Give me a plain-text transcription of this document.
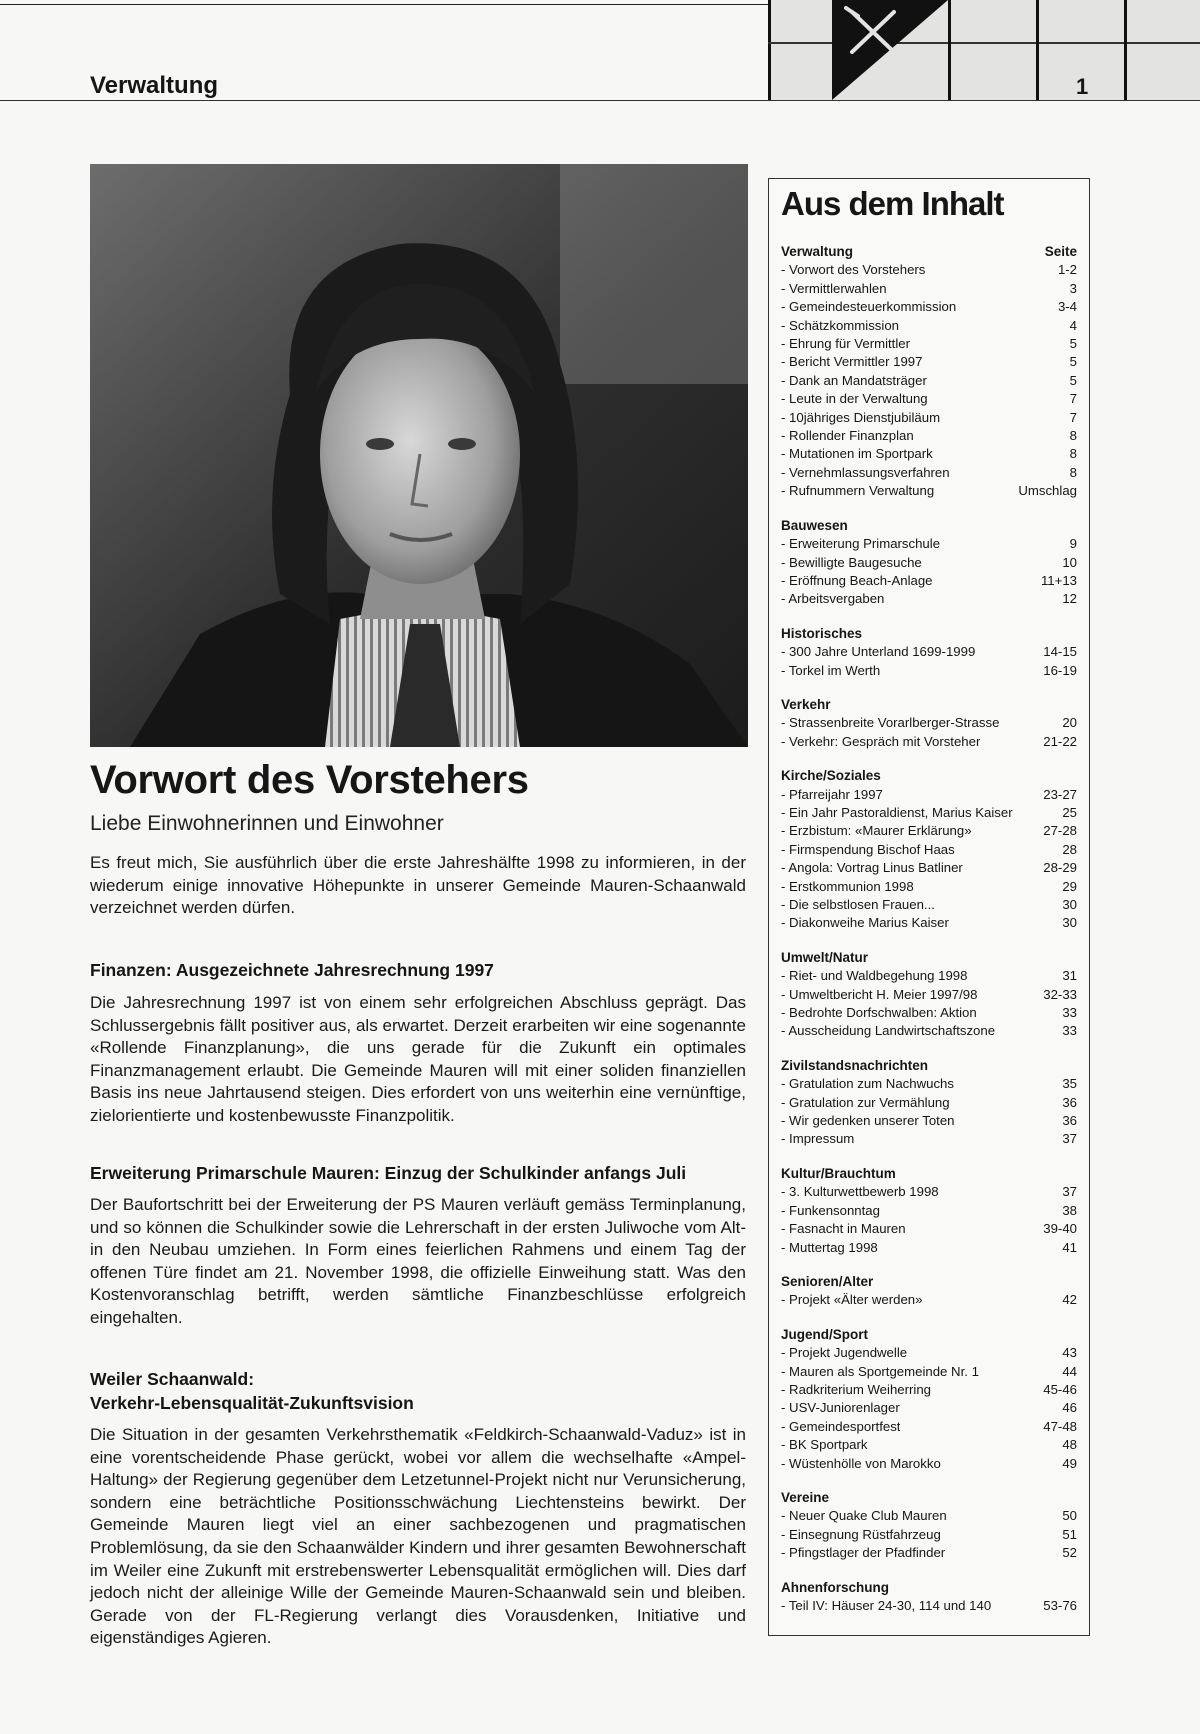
Verwaltung	1
Vorwort des Vorstehers
Liebe Einwohnerinnen und Einwohner

Es freut mich, Sie ausführlich über die erste Jahreshälfte 1998 zu informieren, in der wiederum einige innovative Höhepunkte in unserer Gemeinde Mauren-Schaanwald verzeichnet werden dürfen.

Finanzen: Ausgezeichnete Jahresrechnung 1997

Die Jahresrechnung 1997 ist von einem sehr erfolgreichen Abschluss geprägt. Das Schlussergebnis fällt positiver aus, als erwartet. Derzeit erarbeiten wir eine sogenannte «Rollende Finanzplanung», die uns gerade für die Zukunft ein optimales Finanzmanagement erlaubt. Die Gemeinde Mauren will mit einer soliden finanziellen Basis ins neue Jahrtausend steigen. Dies erfordert von uns weiterhin eine vernünftige, zielorientierte und kostenbewusste Finanzpolitik.

Erweiterung Primarschule Mauren: Einzug der Schulkinder anfangs Juli

Der Baufortschritt bei der Erweiterung der PS Mauren verläuft gemäss Terminplanung, und so können die Schulkinder sowie die Lehrerschaft in der ersten Juliwoche vom Alt- in den Neubau umziehen. In Form eines feierlichen Rahmens und einem Tag der offenen Türe findet am 21. November 1998, die offizielle Einweihung statt. Was den Kostenvoranschlag betrifft, werden sämtliche Finanzbeschlüsse erfolgreich eingehalten.

Weiler Schaanwald:
Verkehr-Lebensqualität-Zukunftsvision

Die Situation in der gesamten Verkehrsthematik «Feldkirch-Schaanwald-Vaduz» ist in eine vorentscheidende Phase gerückt, wobei vor allem die wechselhafte «Ampel-Haltung» der Regierung gegenüber dem Letzetunnel-Projekt nicht nur Verunsicherung, sondern eine beträchtliche Positionsschwächung Liechtensteins bewirkt. Der Gemeinde Mauren liegt viel an einer sachbezogenen und pragmatischen Problemlösung, da sie den Schaanwälder Kindern und ihrer gesamten Bewohnerschaft im Weiler eine Zukunft mit erstrebenswerter Lebensqualität ermöglichen will. Dies darf jedoch nicht der alleinige Wille der Gemeinde Mauren-Schaanwald sein und bleiben. Gerade von der FL-Regierung verlangt dies Vorausdenken, Initiative und eigenständiges Agieren.

Aus dem Inhalt
Verwaltung	Seite
- Vorwort des Vorstehers	1-2
- Vermittlerwahlen	3
- Gemeindesteuerkommission	3-4
- Schätzkommission	4
- Ehrung für Vermittler	5
- Bericht Vermittler 1997	5
- Dank an Mandatsträger	5
- Leute in der Verwaltung	7
- 10jähriges Dienstjubiläum	7
- Rollender Finanzplan	8
- Mutationen im Sportpark	8
- Vernehmlassungsverfahren	8
- Rufnummern Verwaltung	Umschlag
Bauwesen
- Erweiterung Primarschule	9
- Bewilligte Baugesuche	10
- Eröffnung Beach-Anlage	11+13
- Arbeitsvergaben	12
Historisches
- 300 Jahre Unterland 1699-1999	14-15
- Torkel im Werth	16-19
Verkehr
- Strassenbreite Vorarlberger-Strasse	20
- Verkehr: Gespräch mit Vorsteher	21-22
Kirche/Soziales
- Pfarreijahr 1997	23-27
- Ein Jahr Pastoraldienst, Marius Kaiser	25
- Erzbistum: «Maurer Erklärung»	27-28
- Firmspendung Bischof Haas	28
- Angola: Vortrag Linus Batliner	28-29
- Erstkommunion 1998	29
- Die selbstlosen Frauen...	30
- Diakonweihe Marius Kaiser	30
Umwelt/Natur
- Riet- und Waldbegehung 1998	31
- Umweltbericht H. Meier 1997/98	32-33
- Bedrohte Dorfschwalben: Aktion	33
- Ausscheidung Landwirtschaftszone	33
Zivilstandsnachrichten
- Gratulation zum Nachwuchs	35
- Gratulation zur Vermählung	36
- Wir gedenken unserer Toten	36
- Impressum	37
Kultur/Brauchtum
- 3. Kulturwettbewerb 1998	37
- Funkensonntag	38
- Fasnacht in Mauren	39-40
- Muttertag 1998	41
Senioren/Alter
- Projekt «Älter werden»	42
Jugend/Sport
- Projekt Jugendwelle	43
- Mauren als Sportgemeinde Nr. 1	44
- Radkriterium Weiherring	45-46
- USV-Juniorenlager	46
- Gemeindesportfest	47-48
- BK Sportpark	48
- Wüstenhölle von Marokko	49
Vereine
- Neuer Quake Club Mauren	50
- Einsegnung Rüstfahrzeug	51
- Pfingstlager der Pfadfinder	52
Ahnenforschung
- Teil IV: Häuser 24-30, 114 und 140	53-76
